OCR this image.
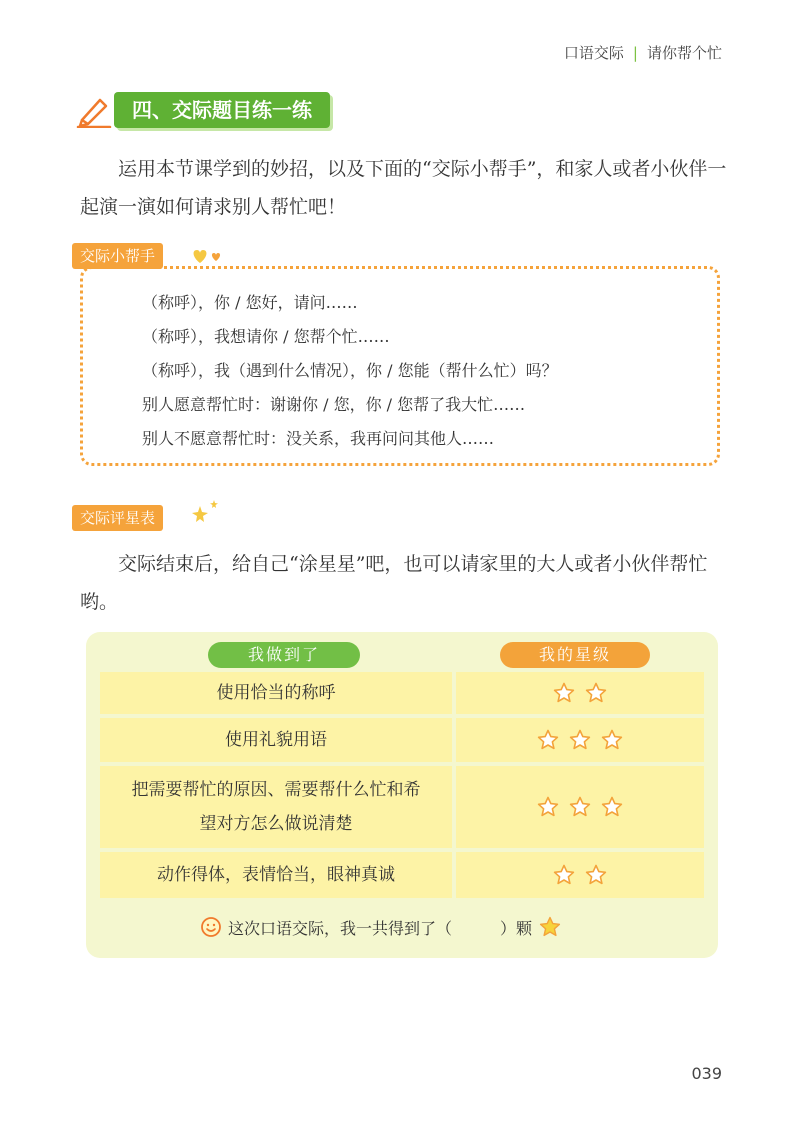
口语交际 | 请你帮个忙
四、交际题目练一练
运用本节课学到的妙招，以及下面的“交际小帮手”，和家人或者小伙伴一起演一演如何请求别人帮忙吧！
交际小帮手
（称呼），你 / 您好，请问……
（称呼），我想请你 / 您帮个忙……
（称呼），我（遇到什么情况），你 / 您能（帮什么忙）吗？
别人愿意帮忙时：谢谢你 / 您，你 / 您帮了我大忙……
别人不愿意帮忙时：没关系，我再问问其他人……
交际评星表
交际结束后，给自己“涂星星”吧，也可以请家里的大人或者小伙伴帮忙哟。
我做到了	我的星级
使用恰当的称呼
使用礼貌用语
把需要帮忙的原因、需要帮什么忙和希望对方怎么做说清楚
动作得体，表情恰当，眼神真诚
这次口语交际，我一共得到了（	）颗
039
